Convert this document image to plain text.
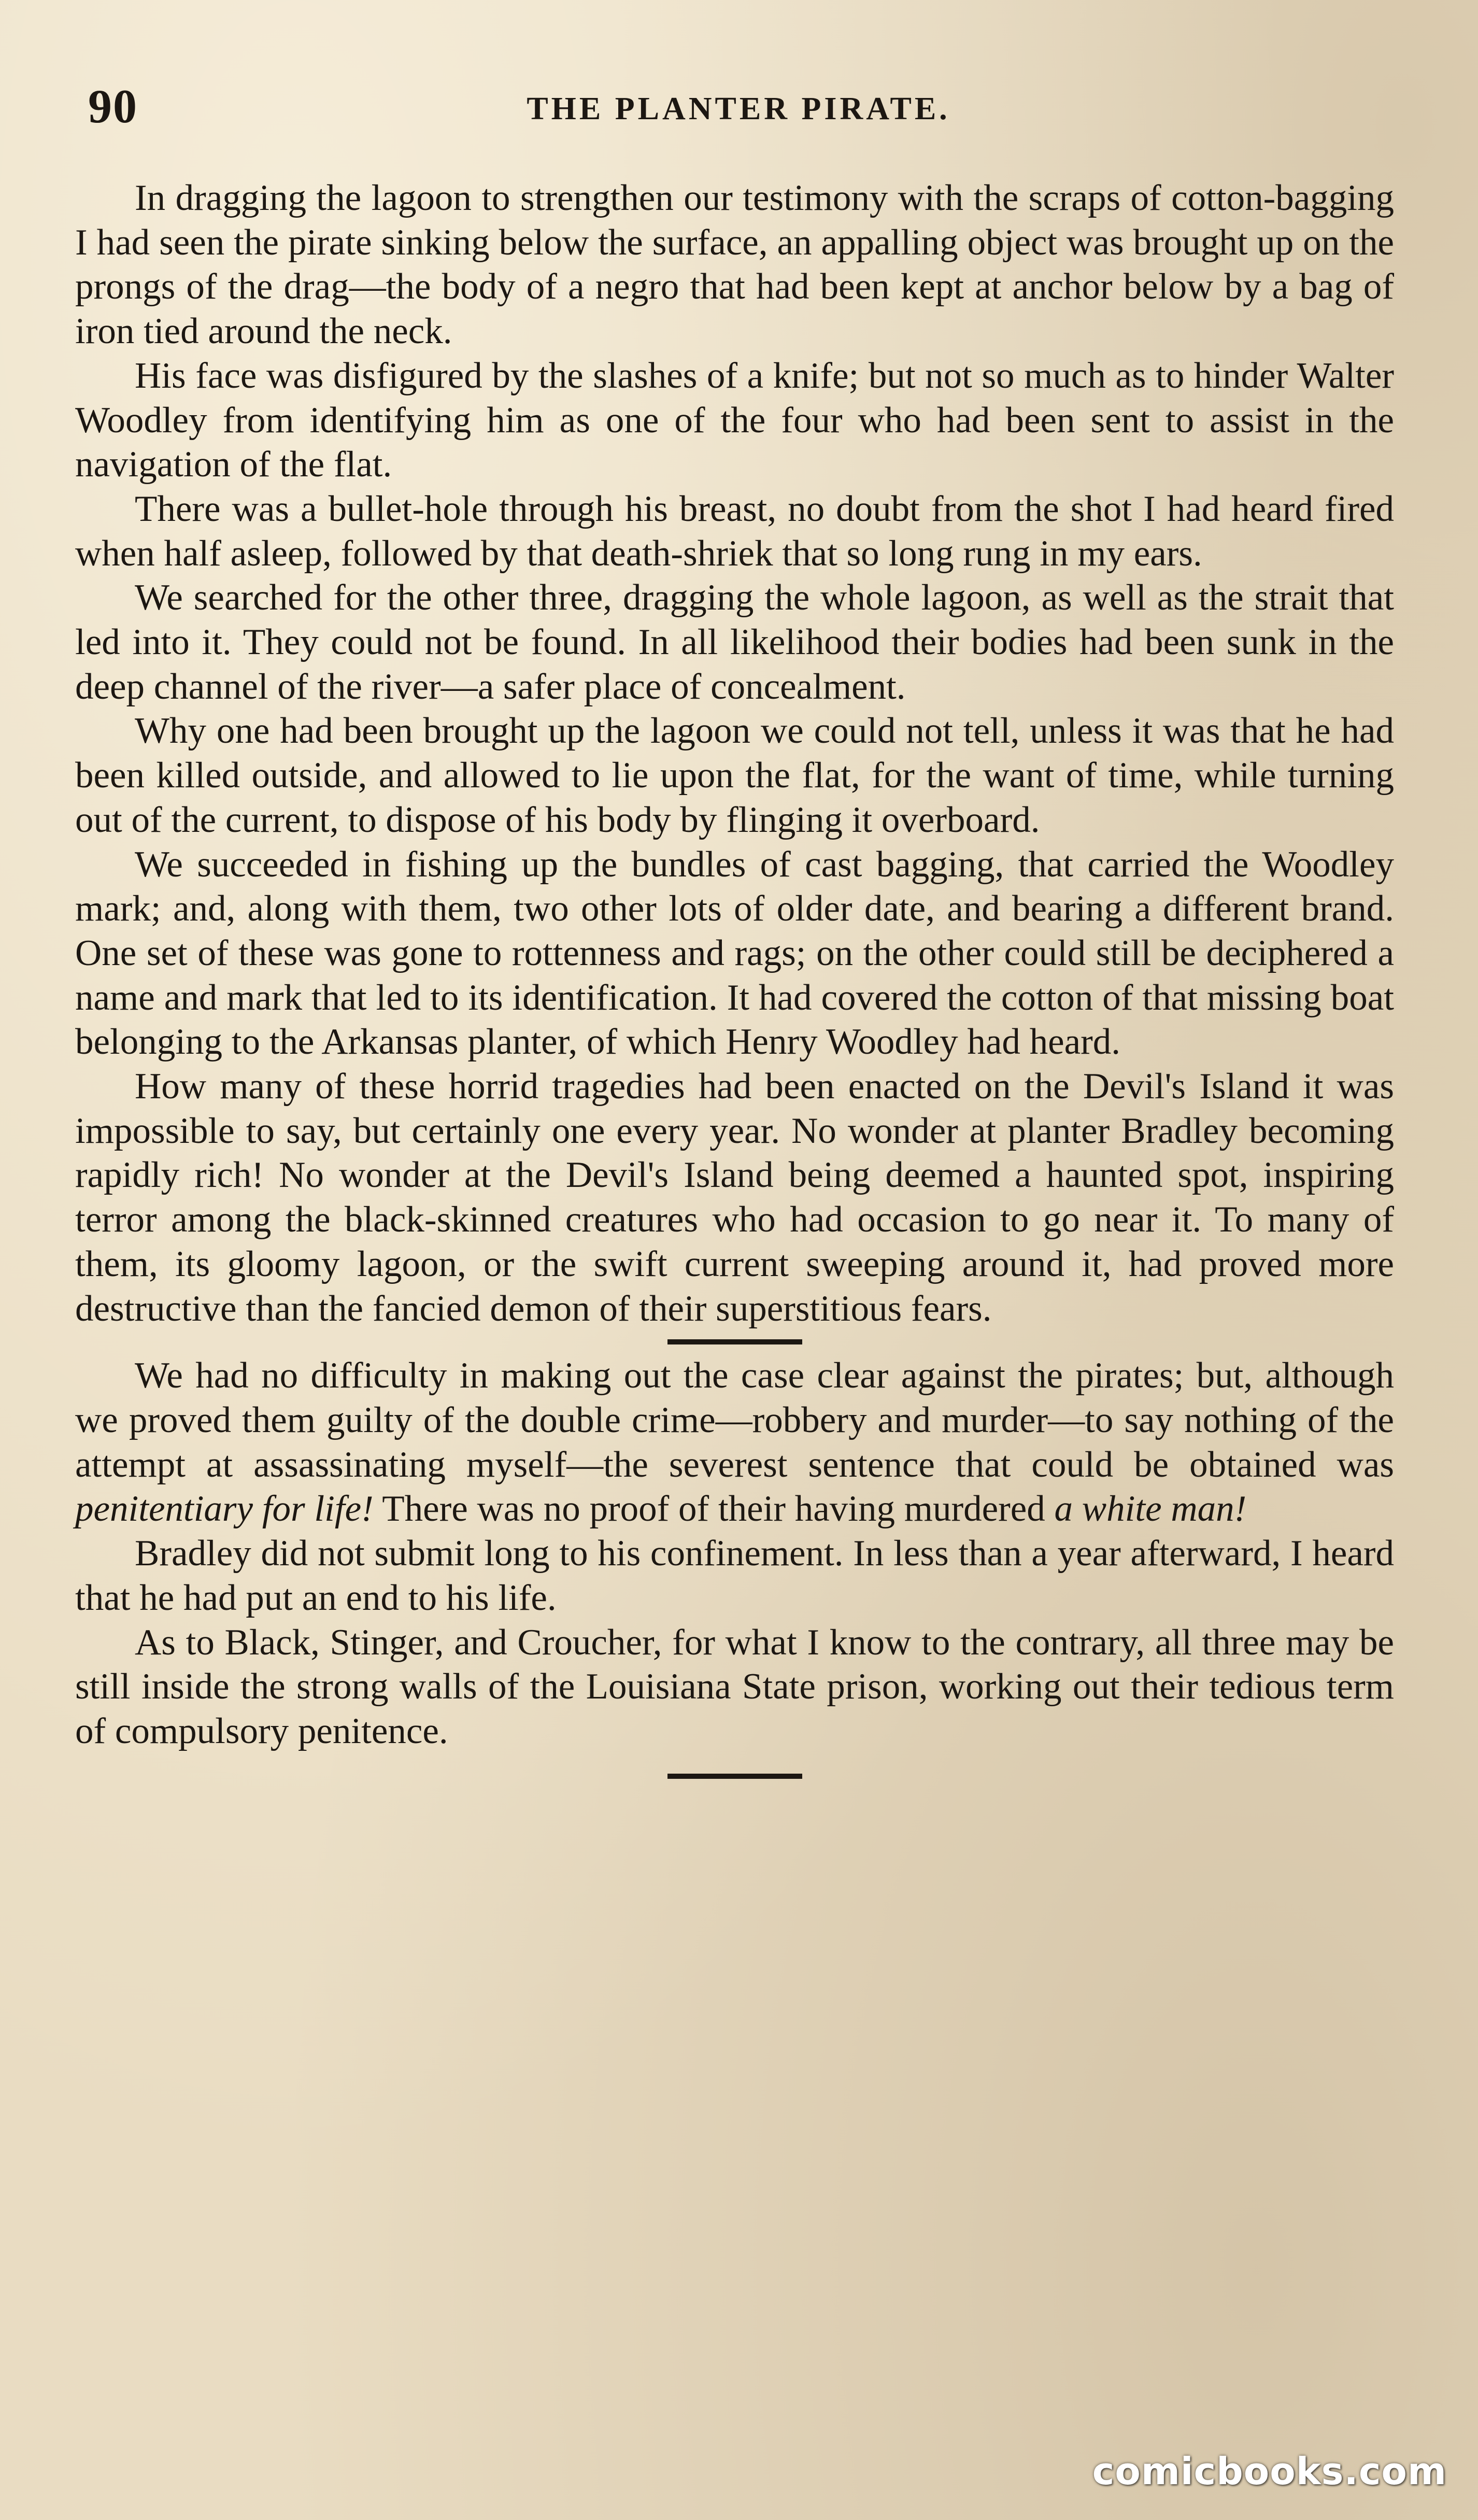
90	THE PLANTER PIRATE.

In dragging the lagoon to strengthen our testimony with the scraps of cotton-bagging I had seen the pirate sinking below the surface, an appalling object was brought up on the prongs of the drag—the body of a negro that had been kept at anchor below by a bag of iron tied around the neck.

His face was disfigured by the slashes of a knife; but not so much as to hinder Walter Woodley from identifying him as one of the four who had been sent to assist in the navigation of the flat.

There was a bullet-hole through his breast, no doubt from the shot I had heard fired when half asleep, followed by that death-shriek that so long rung in my ears.

We searched for the other three, dragging the whole lagoon, as well as the strait that led into it. They could not be found. In all likelihood their bodies had been sunk in the deep channel of the river—a safer place of concealment.

Why one had been brought up the lagoon we could not tell, unless it was that he had been killed outside, and allowed to lie upon the flat, for the want of time, while turning out of the current, to dispose of his body by flinging it overboard.

We succeeded in fishing up the bundles of cast bagging, that carried the Woodley mark; and, along with them, two other lots of older date, and bearing a different brand. One set of these was gone to rottenness and rags; on the other could still be deciphered a name and mark that led to its identification. It had covered the cotton of that missing boat belonging to the Arkansas planter, of which Henry Woodley had heard.

How many of these horrid tragedies had been enacted on the Devil's Island it was impossible to say, but certainly one every year. No wonder at planter Bradley becoming rapidly rich! No wonder at the Devil's Island being deemed a haunted spot, inspiring terror among the black-skinned creatures who had occasion to go near it. To many of them, its gloomy lagoon, or the swift current sweeping around it, had proved more destructive than the fancied demon of their superstitious fears.

We had no difficulty in making out the case clear against the pirates; but, although we proved them guilty of the double crime—robbery and murder—to say nothing of the attempt at assassinating myself—the severest sentence that could be obtained was penitentiary for life! There was no proof of their having murdered a white man!

Bradley did not submit long to his confinement. In less than a year afterward, I heard that he had put an end to his life.

As to Black, Stinger, and Croucher, for what I know to the contrary, all three may be still inside the strong walls of the Louisiana State prison, working out their tedious term of compulsory penitence.

comicbooks.com
